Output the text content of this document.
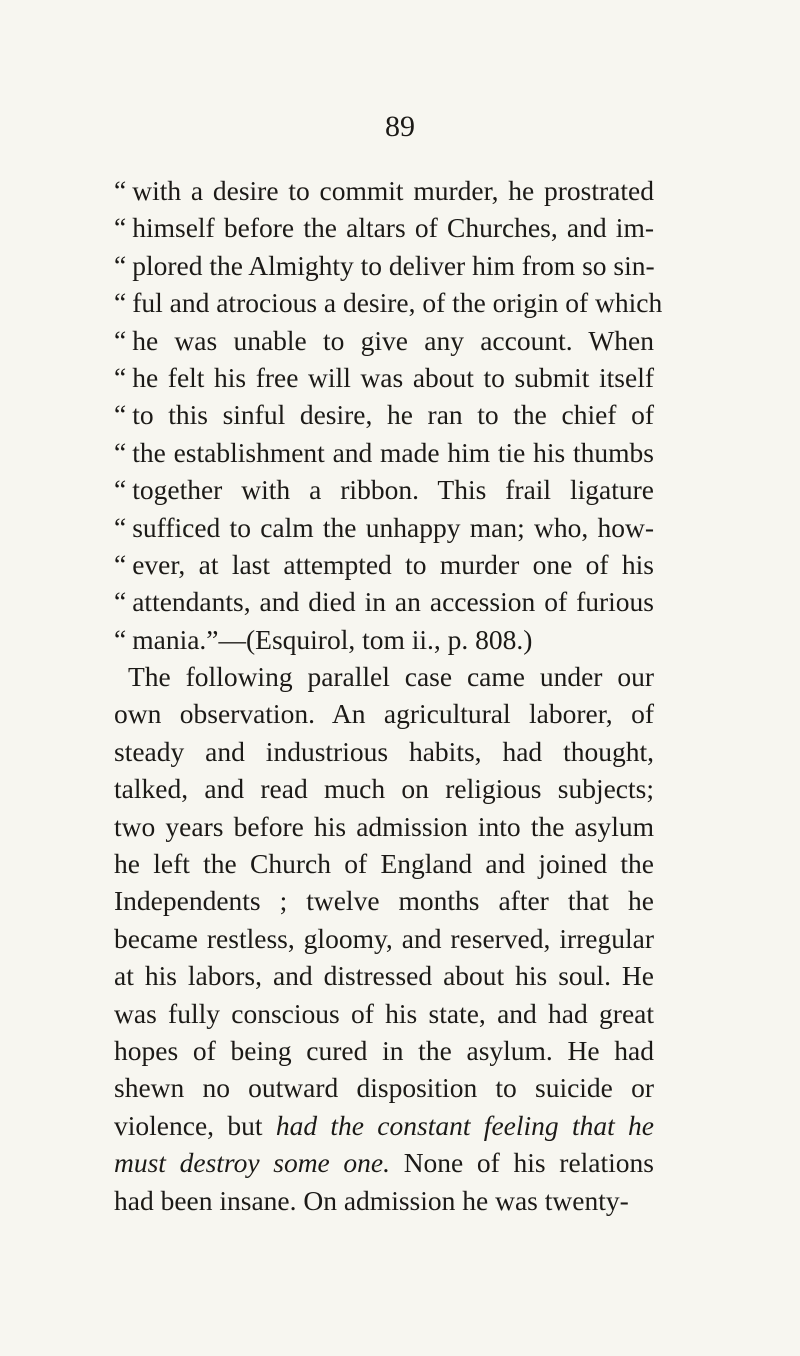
89
“ with a desire to commit murder, he prostrated
“ himself before the altars of Churches, and im-
“ plored the Almighty to deliver him from so sin-
“ ful and atrocious a desire, of the origin of which
“ he was unable to give any account. When
“ he felt his free will was about to submit itself
“ to this sinful desire, he ran to the chief of
“ the establishment and made him tie his thumbs
“ together with a ribbon. This frail ligature
“ sufficed to calm the unhappy man; who, how-
“ ever, at last attempted to murder one of his
“ attendants, and died in an accession of furious
“ mania.”—(Esquirol, tom ii., p. 808.)
The following parallel case came under our
own observation. An agricultural laborer, of
steady and industrious habits, had thought,
talked, and read much on religious subjects;
two years before his admission into the asylum
he left the Church of England and joined the
Independents ; twelve months after that he
became restless, gloomy, and reserved, irregular
at his labors, and distressed about his soul. He
was fully conscious of his state, and had great
hopes of being cured in the asylum. He had
shewn no outward disposition to suicide or
violence, but had the constant feeling that he
must destroy some one. None of his relations
had been insane. On admission he was twenty-
